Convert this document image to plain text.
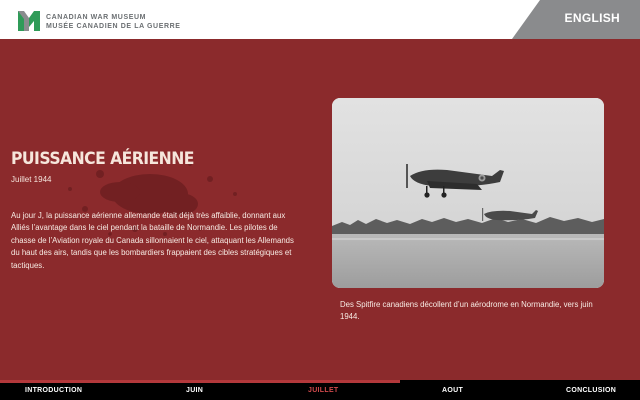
CANADIAN WAR MUSEUM
MUSÉE CANADIEN DE LA GUERRE
ENGLISH
PUISSANCE AÉRIENNE
Juillet 1944
Au jour J, la puissance aérienne allemande était déjà très affaiblie, donnant aux Alliés l’avantage dans le ciel pendant la bataille de Normandie. Les pilotes de chasse de l’Aviation royale du Canada sillonnaient le ciel, attaquant les Allemands du haut des airs, tandis que les bombardiers frappaient des cibles stratégiques et tactiques.
Des Spitfire canadiens décollent d’un aérodrome en Normandie, vers juin 1944.
INTRODUCTION	JUIN	JUILLET	AOUT	CONCLUSION
